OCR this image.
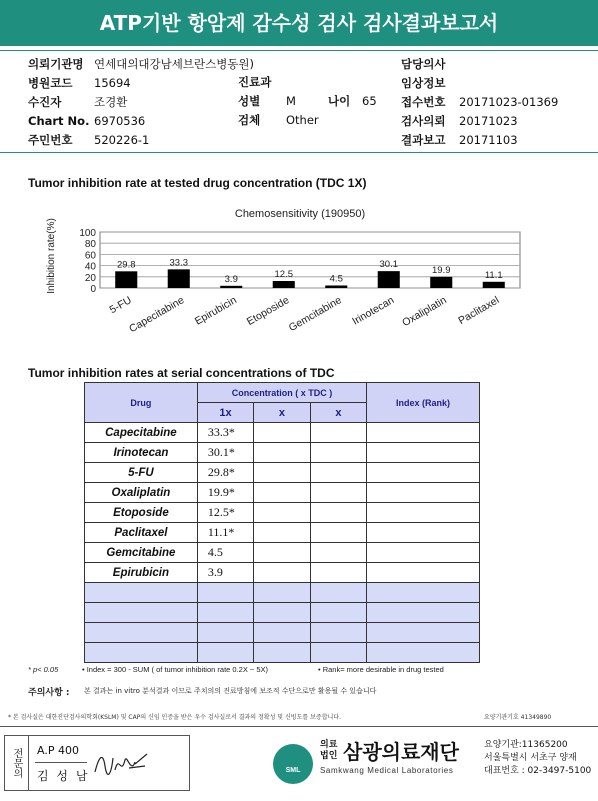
ATP기반 항암제 감수성 검사 검사결과보고서
의뢰기관명 연세대의대강남세브란스병동원)
병원코드 15694
수진자	조경환
Chart No. 6970536
주민번호 520226-1
진료과
성별 M	나이 65
검체 Other
담당의사
임상정보
접수번호 20171023-01369
검사의뢰 20171023
결과보고 20171103
Tumor inhibition rate at tested drug concentration (TDC 1X)
Chemosensitivity (190950)
Inhibition rate(%)	0
20
40
60
80
100
29.8	33.3
3.9	12.5	4.5
30.1
19.9	11.1
5-FU
Capecitabine Epirubicin Etoposide
Gemcitabine Irinotecan Oxaliplatin Paclitaxel
Tumor inhibition rates at serial concentrations of TDC
Drug	Concentration ( x TDC )			Index (Rank)
	1x	x	x	
Capecitabine	33.3*			
Irinotecan	30.1*			
5-FU	29.8*			
Oxaliplatin	19.9*			
Etoposide	12.5*			
Paclitaxel	11.1*			
Gemcitabine	4.5			
Epirubicin	3.9			

* p< 0.05	• Index = 300 - SUM ( of tumor inhibition rate 0.2X ~ 5X)	• Rank= more desirable in drug tested
주의사항 : 본 결과는 in vitro 분석결과 이므로 주치의의 진료방침에 보조적 수단으로만 활용될 수 있습니다
* 본 검사실은 대한진단검사의학회(KSLM) 및 CAP의 신임 인증을 받은 우수 검사실로서 결과의 정확성 및 신빙도를 보증합니다.	요양기관기호 41349890
전문의	A.P 400
김 성 남	SML
의료
법인 삼광의료재단
Samkwang Medical Laboratories
요양기관:11365200
서울특별시 서초구 양재
대표번호 : 02-3497-5100
